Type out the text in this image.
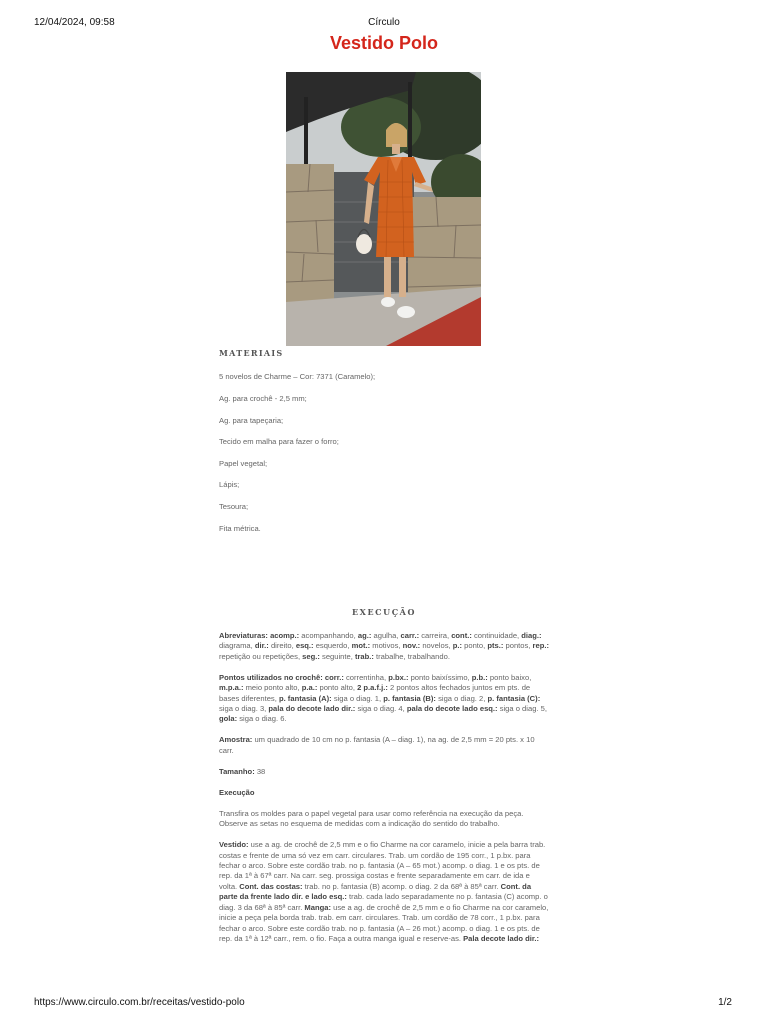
12/04/2024, 09:58	Círculo
Vestido Polo
MATERIAIS
5 novelos de Charme – Cor: 7371 (Caramelo);
Ag. para crochê - 2,5 mm;
Ag. para tapeçaria;
Tecido em malha para fazer o forro;
Papel vegetal;
Lápis;
Tesoura;
Fita métrica.
EXECUÇÃO

Abreviaturas: acomp.: acompanhando, ag.: agulha, carr.: carreira, cont.: continuidade, diag.: diagrama, dir.: direito, esq.: esquerdo, mot.: motivos, nov.: novelos, p.: ponto, pts.: pontos, rep.: repetição ou repetições, seg.: seguinte, trab.: trabalhe, trabalhando.

Pontos utilizados no crochê: corr.: correntinha, p.bx.: ponto baixíssimo, p.b.: ponto baixo, m.p.a.: meio ponto alto, p.a.: ponto alto, 2 p.a.f.j.: 2 pontos altos fechados juntos em pts. de bases diferentes, p. fantasia (A): siga o diag. 1, p. fantasia (B): siga o diag. 2, p. fantasia (C): siga o diag. 3, pala do decote lado dir.: siga o diag. 4, pala do decote lado esq.: siga o diag. 5, gola: siga o diag. 6.

Amostra: um quadrado de 10 cm no p. fantasia (A – diag. 1), na ag. de 2,5 mm = 20 pts. x 10 carr.

Tamanho: 38

Execução

Transfira os moldes para o papel vegetal para usar como referência na execução da peça. Observe as setas no esquema de medidas com a indicação do sentido do trabalho.

Vestido: use a ag. de crochê de 2,5 mm e o fio Charme na cor caramelo, inicie a pela barra trab. costas e frente de uma só vez em carr. circulares. Trab. um cordão de 195 corr., 1 p.bx. para fechar o arco. Sobre este cordão trab. no p. fantasia (A – 65 mot.) acomp. o diag. 1 e os pts. de rep. da 1ª à 67ª carr. Na carr. seg. prossiga costas e frente separadamente em carr. de ida e volta. Cont. das costas: trab. no p. fantasia (B) acomp. o diag. 2 da 68ª à 85ª carr. Cont. da parte da frente lado dir. e lado esq.: trab. cada lado separadamente no p. fantasia (C) acomp. o diag. 3 da 68ª à 85ª carr. Manga: use a ag. de crochê de 2,5 mm e o fio Charme na cor caramelo, inicie a peça pela borda trab. trab. em carr. circulares. Trab. um cordão de 78 corr., 1 p.bx. para fechar o arco. Sobre este cordão trab. no p. fantasia (A – 26 mot.) acomp. o diag. 1 e os pts. de rep. da 1ª à 12ª carr., rem. o fio. Faça a outra manga igual e reserve-as. Pala decote lado dir.:

https://www.circulo.com.br/receitas/vestido-polo	1/2
